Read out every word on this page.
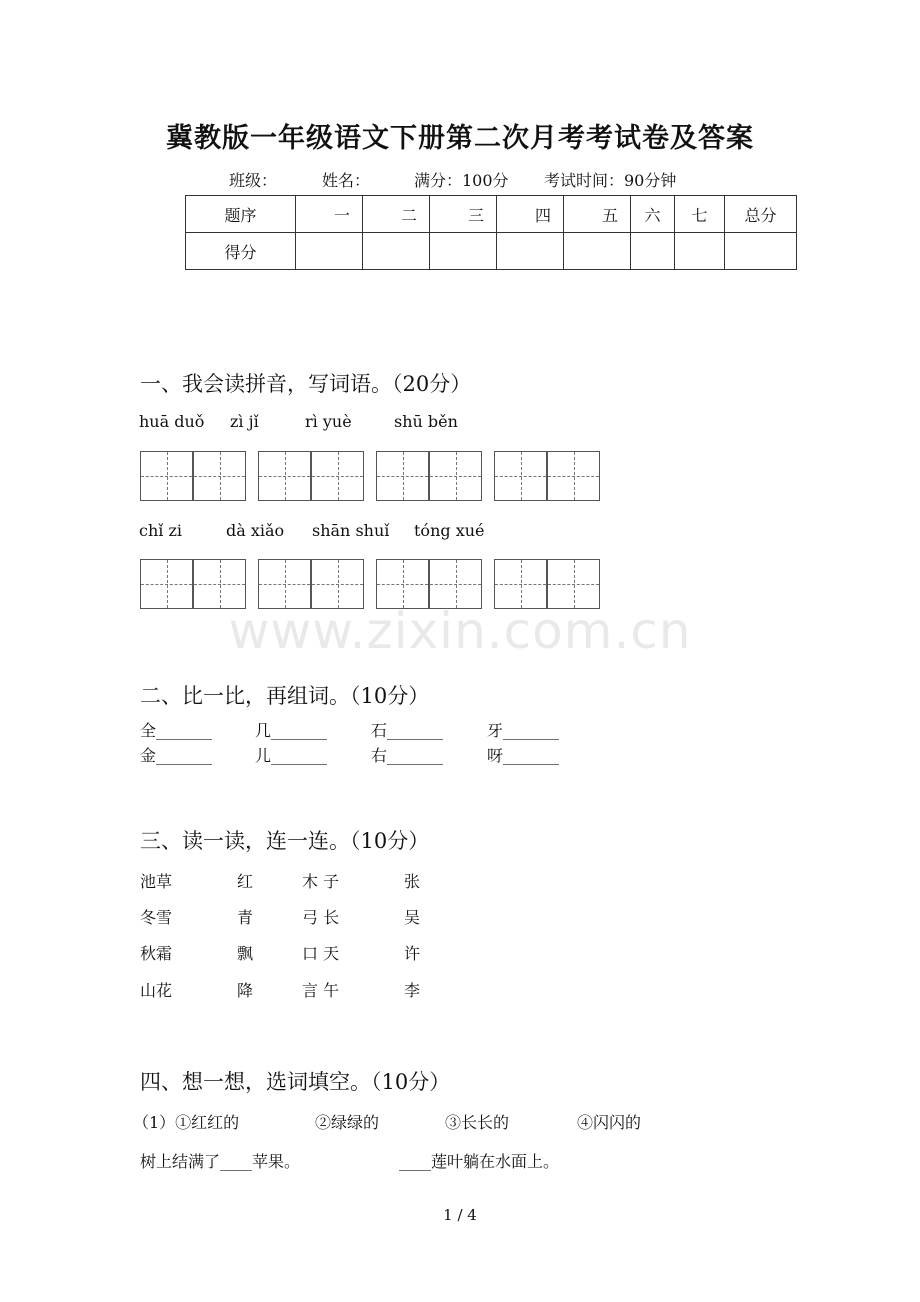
冀教版一年级语文下册第二次月考考试卷及答案
班级：	姓名：	满分：100分 考试时间：90分钟
题序	一	二	三	四	五	六	七	总分
得分								
一、我会读拼音，写词语。（20分）
huā duǒ zì jǐ	rì yuè	shū běn
chǐ zi	dà xiǎo shān shuǐ tóng xué
www.zixin.com.cn
二、比一比，再组词。（10分）
全_______	几_______	石_______	牙_______
金_______	儿_______	右_______	呀_______
三、读一读，连一连。（10分）
池草	红	木 子	张
冬雪	青	弓 长	吴
秋霜	飘	口 天	许
山花	降	言 午	李
四、想一想，选词填空。（10分）
（1）①红红的	②绿绿的	③长长的	④闪闪的
树上结满了____苹果。	____莲叶躺在水面上。
1 / 4
